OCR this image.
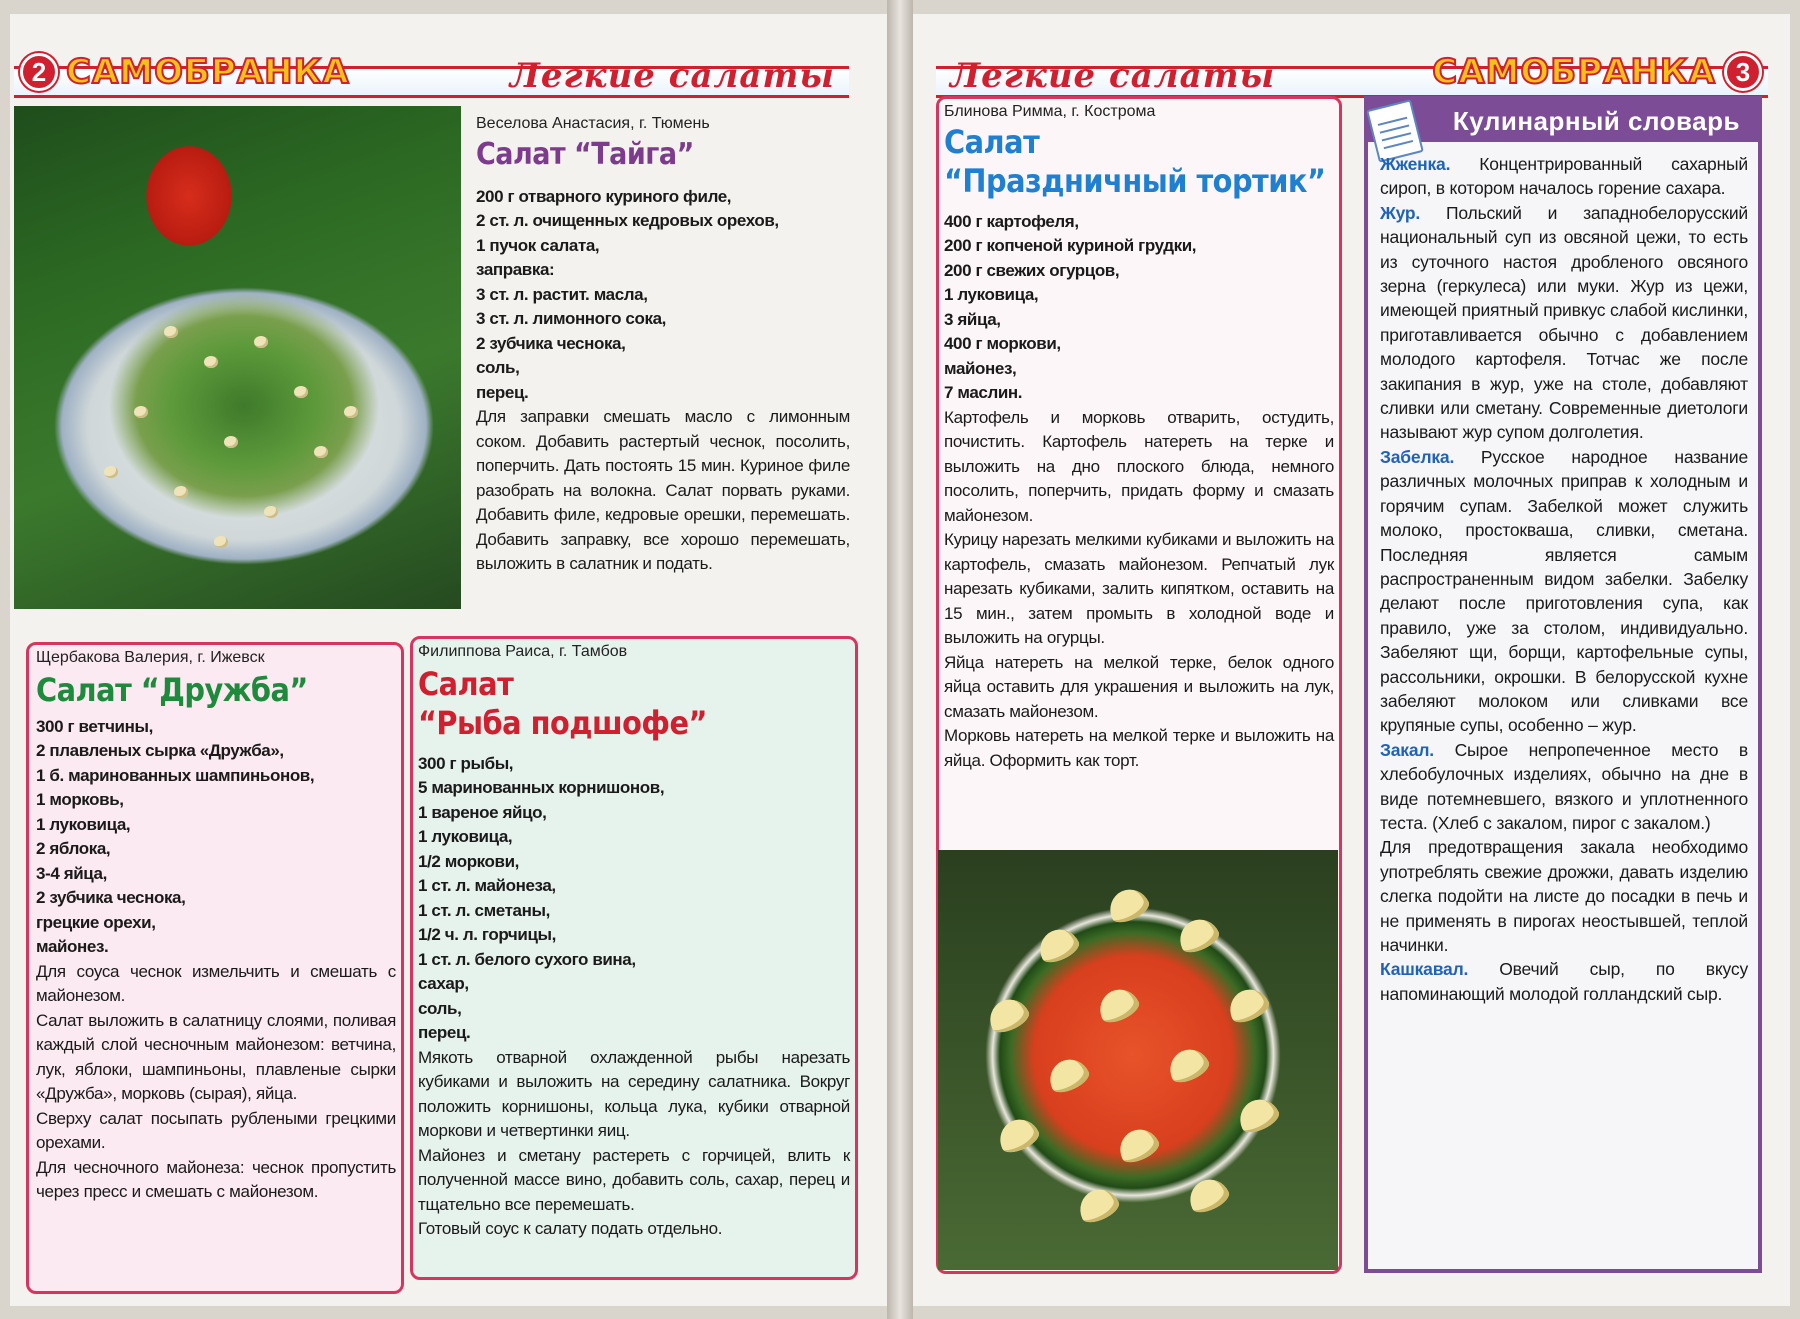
2 САМОБРАНКА	Легкие салаты	Легкие салаты	САМОБРАНКА 3
Веселова Анастасия, г. Тюмень
Салат “Тайга”
200 г отварного куриного филе,
2 ст. л. очищенных кедровых орехов,
1 пучок салата,
заправка:
3 ст. л. растит. масла,
3 ст. л. лимонного сока,
2 зубчика чеснока,
соль,
перец.

Для заправки смешать масло с лимонным соком. Добавить растертый чеснок, посолить, поперчить. Дать постоять 15 мин. Куриное филе разобрать на волокна. Салат порвать руками. Добавить филе, кедровые орешки, перемешать. Добавить заправку, все хорошо перемешать, выложить в салатник и подать.

Щербакова Валерия, г. Ижевск
Салат “Дружба”
300 г ветчины,
2 плавленых сырка «Дружба»,
1 б. маринованных шампиньонов,
1 морковь,
1 луковица,
2 яблока,
3-4 яйца,
2 зубчика чеснока,
грецкие орехи,
майонез.

Для соуса чеснок измельчить и смешать с майонезом.

Салат выложить в салатницу слоями, поливая каждый слой чесночным майонезом: ветчина, лук, яблоки, шампиньоны, плавленые сырки «Дружба», морковь (сырая), яйца.

Сверху салат посыпать рублеными грецкими орехами.

Для чесночного майонеза: чеснок пропустить через пресс и смешать с майонезом.

Филиппова Раиса, г. Тамбов
Салат
“Рыба подшофе”
300 г рыбы,
5 маринованных корнишонов,
1 вареное яйцо,
1 луковица,
1/2 моркови,
1 ст. л. майонеза,
1 ст. л. сметаны,
1/2 ч. л. горчицы,
1 ст. л. белого сухого вина,
сахар,
соль,
перец.

Мякоть отварной охлажденной рыбы нарезать кубиками и выложить на середину салатника. Вокруг положить корнишоны, кольца лука, кубики отварной моркови и четвертинки яиц.

Майонез и сметану растереть с горчицей, влить к полученной массе вино, добавить соль, сахар, перец и тщательно все перемешать.

Готовый соус к салату подать отдельно.

Блинова Римма, г. Кострома
Салат
“Праздничный тортик”
400 г картофеля,
200 г копченой куриной грудки,
200 г свежих огурцов,
1 луковица,
3 яйца,
400 г моркови,
майонез,
7 маслин.

Картофель и морковь отварить, остудить, почистить. Картофель натереть на терке и выложить на дно плоского блюда, немного посолить, поперчить, придать форму и смазать майонезом.

Курицу нарезать мелкими кубиками и выложить на картофель, смазать майонезом. Репчатый лук нарезать кубиками, залить кипятком, оставить на 15 мин., затем промыть в холодной воде и выложить на огурцы.

Яйца натереть на мелкой терке, белок одного яйца оставить для украшения и выложить на лук, смазать майонезом.

Морковь натереть на мелкой терке и выложить на яйца. Оформить как торт.

Кулинарный словарь

Жженка. Концентрированный сахарный сироп, в котором началось горение сахара.

Жур. Польский и западнобелорусский национальный суп из овсяной цежи, то есть из суточного настоя дробленого овсяного зерна (геркулеса) или муки. Жур из цежи, имеющей приятный привкус слабой кислинки, приготавливается обычно с добавлением молодого картофеля. Тотчас же после закипания в жур, уже на столе, добавляют сливки или сметану. Современные диетологи называют жур супом долголетия.

Забелка. Русское народное название различных молочных приправ к холодным и горячим супам. Забелкой может служить молоко, простокваша, сливки, сметана. Последняя является самым распространенным видом забелки. Забелку делают после приготовления супа, как правило, уже за столом, индивидуально. Забеляют щи, борщи, картофельные супы, рассольники, окрошки. В белорусской кухне забеляют молоком или сливками все крупяные супы, особенно – жур.

Закал. Сырое непропеченное место в хлебобулочных изделиях, обычно на дне в виде потемневшего, вязкого и уплотненного теста. (Хлеб с закалом, пирог с закалом.)

Для предотвращения закала необходимо употреблять свежие дрожжи, давать изделию слегка подойти на листе до посадки в печь и не применять в пирогах неостывшей, теплой начинки.

Кашкавал. Овечий сыр, по вкусу напоминающий молодой голландский сыр.
